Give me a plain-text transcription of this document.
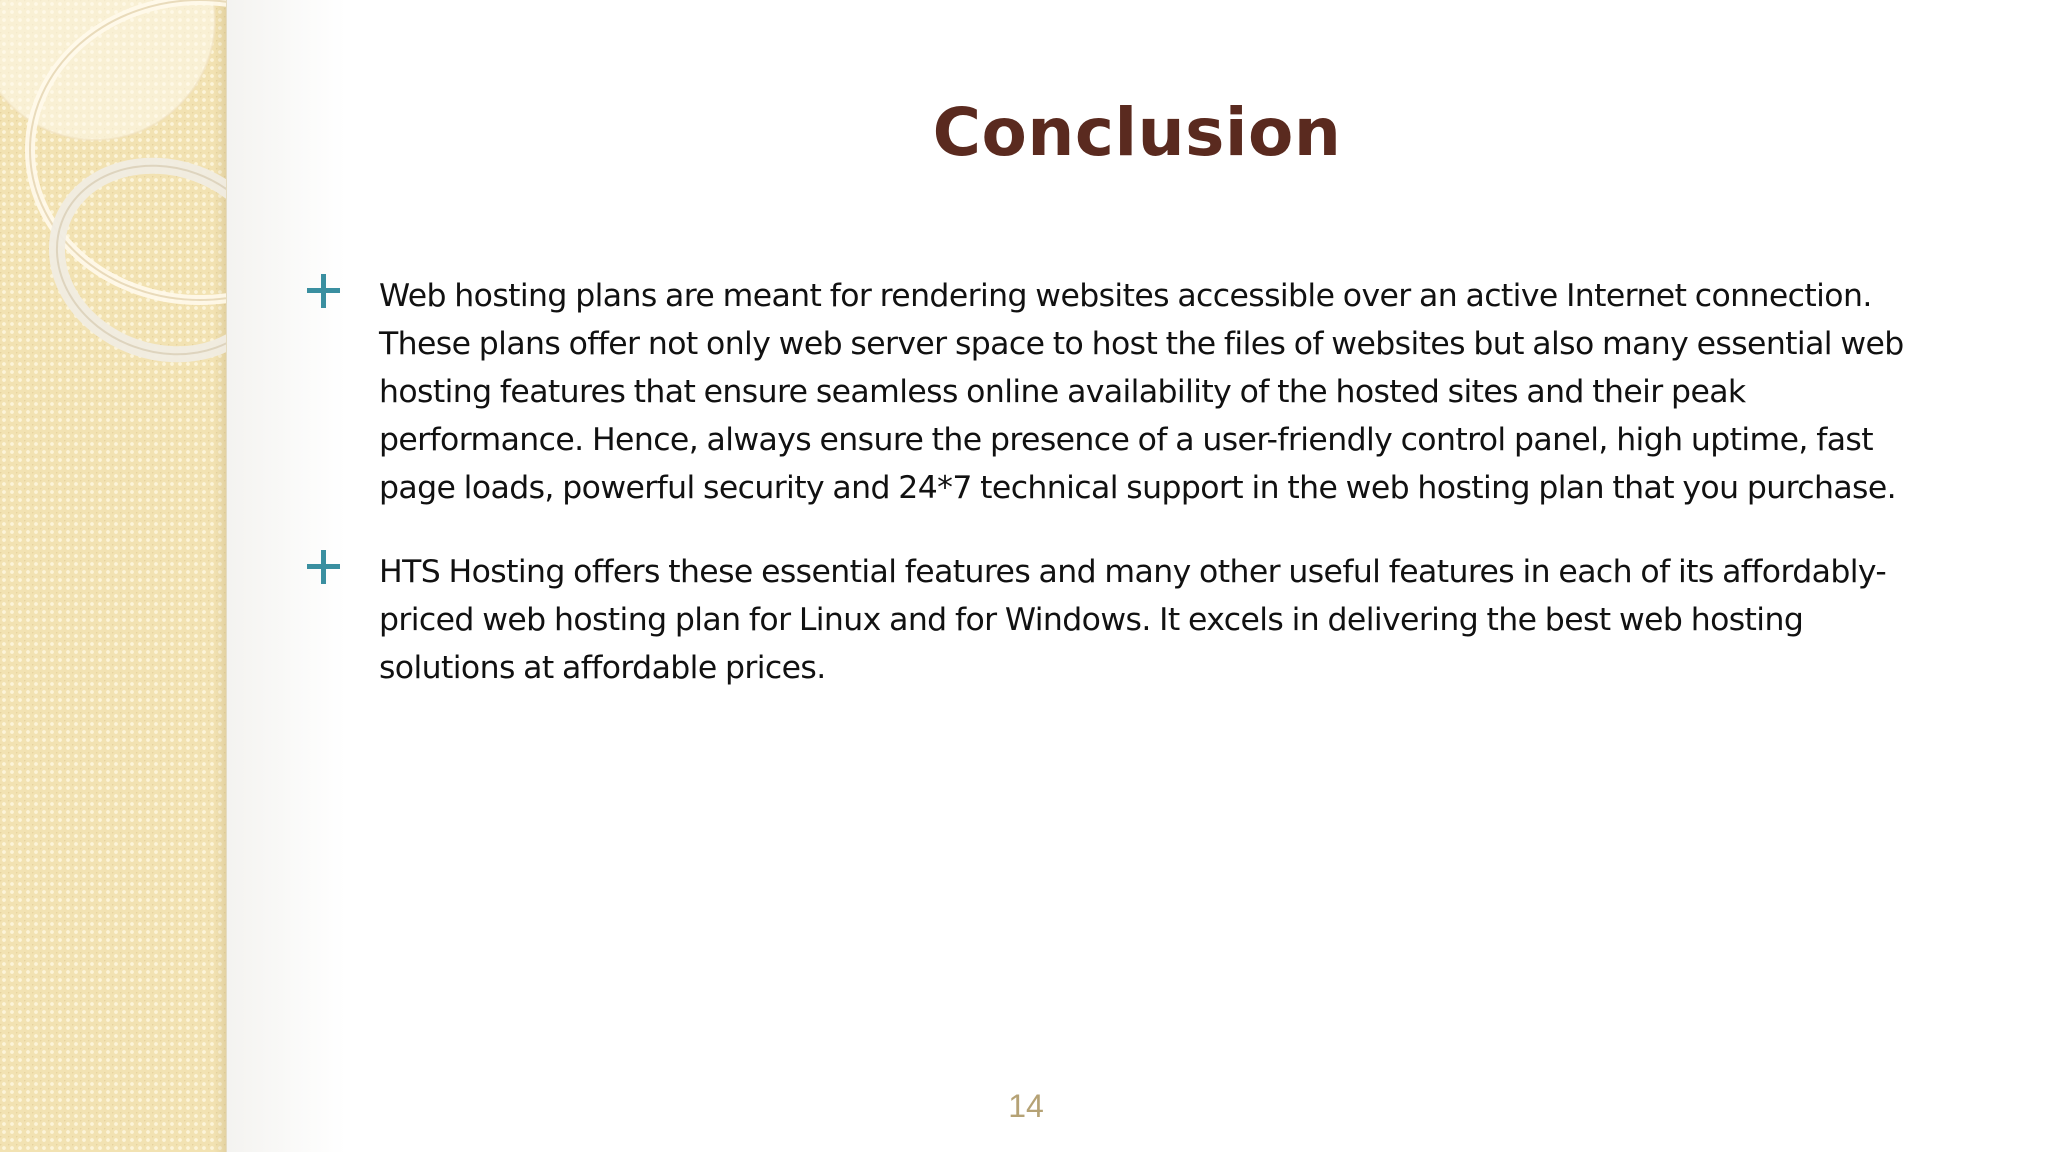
Conclusion
Web hosting plans are meant for rendering websites accessible over an active Internet connection. These plans offer not only web server space to host the files of websites but also many essential web hosting features that ensure seamless online availability of the hosted sites and their peak performance. Hence, always ensure the presence of a user-friendly control panel, high uptime, fast page loads, powerful security and 24*7 technical support in the web hosting plan that you purchase.
HTS Hosting offers these essential features and many other useful features in each of its affordably-priced web hosting plan for Linux and for Windows. It excels in delivering the best web hosting solutions at affordable prices.
14
